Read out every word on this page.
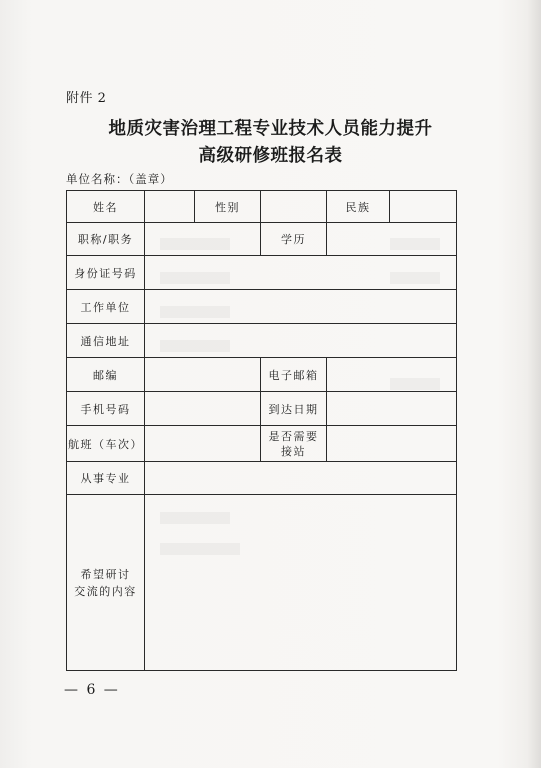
附件 2
地质灾害治理工程专业技术人员能力提升
高级研修班报名表
单位名称：（盖章）
姓名		性别		民族	
职称/职务			学历		
身份证号码					
工作单位					
通信地址					
邮编			电子邮箱		
手机号码			到达日期		
航班（车次）			是否需要
接站		

从事专业					

希望研讨
交流的内容					

— 6 —
